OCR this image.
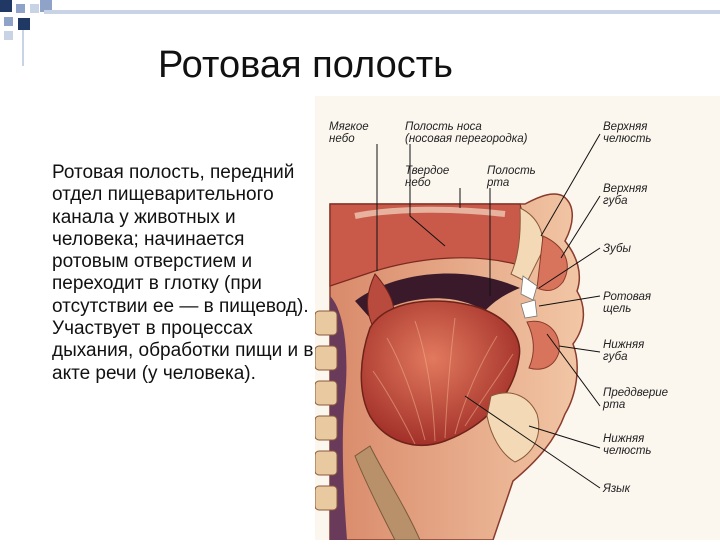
Ротовая полость
Ротовая полость, передний отдел пищеварительного канала у животных и человека; начинается ротовым отверстием и переходит в глотку (при отсутствии ее — в пищевод). Участвует в процессах дыхания, обработки пищи и в акте речи (у человека).
Мягкое небо
Полость носа (носовая перегородка)
Верхняя челюсть
Твердое небо
Полость рта	Верхняя губа
Зубы
Ротовая щель
Нижняя губа
Преддверие рта
Нижняя челюсть
Язык
